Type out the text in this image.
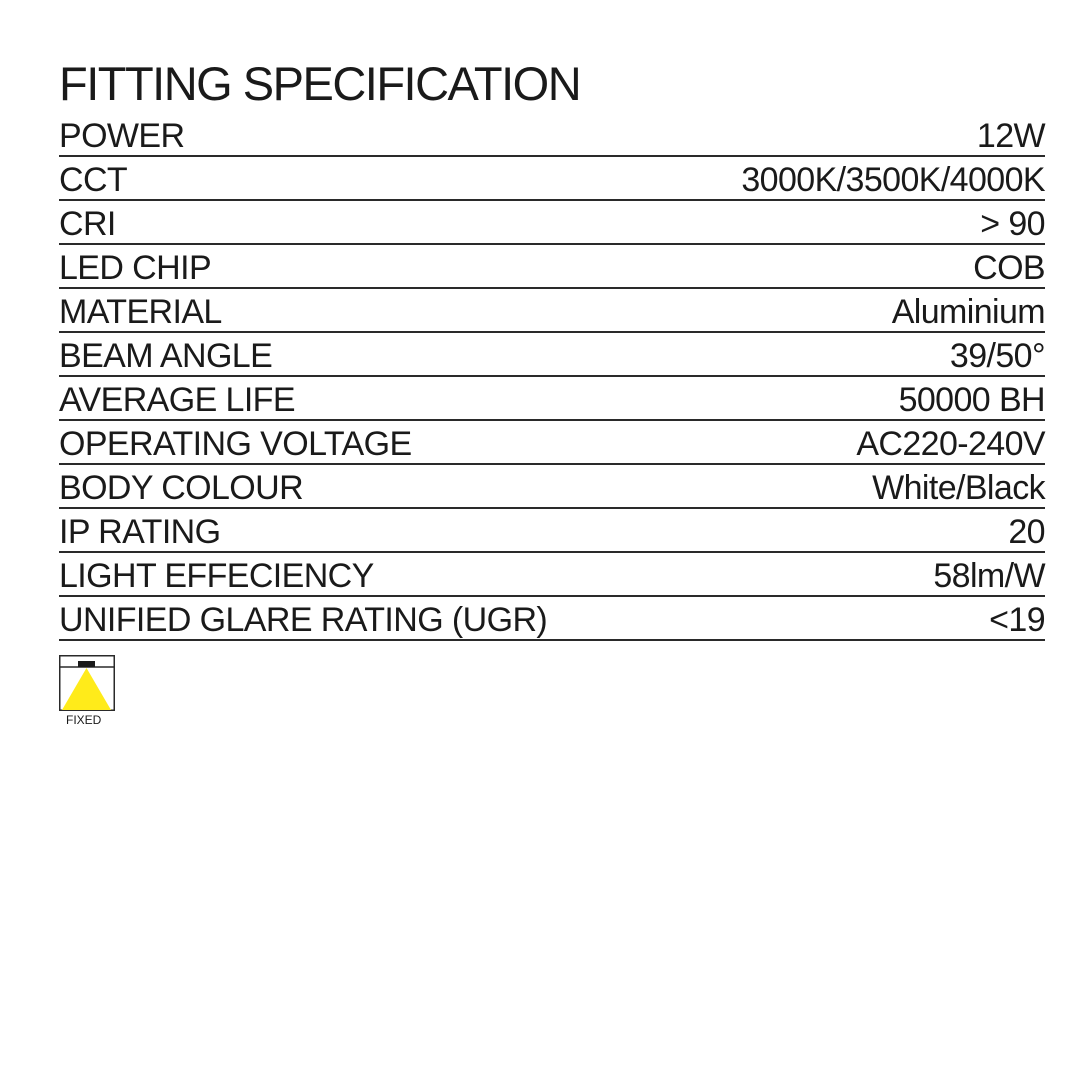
FITTING SPECIFICATION
POWER	12W
CCT	3000K/3500K/4000K
CRI	> 90
LED CHIP	COB
MATERIAL	Aluminium
BEAM ANGLE	39/50°
AVERAGE LIFE	50000 BH
OPERATING VOLTAGE	AC220-240V
BODY COLOUR	White/Black
IP RATING	20
LIGHT EFFECIENCY	58lm/W
UNIFIED GLARE RATING (UGR)	<19
FIXED
